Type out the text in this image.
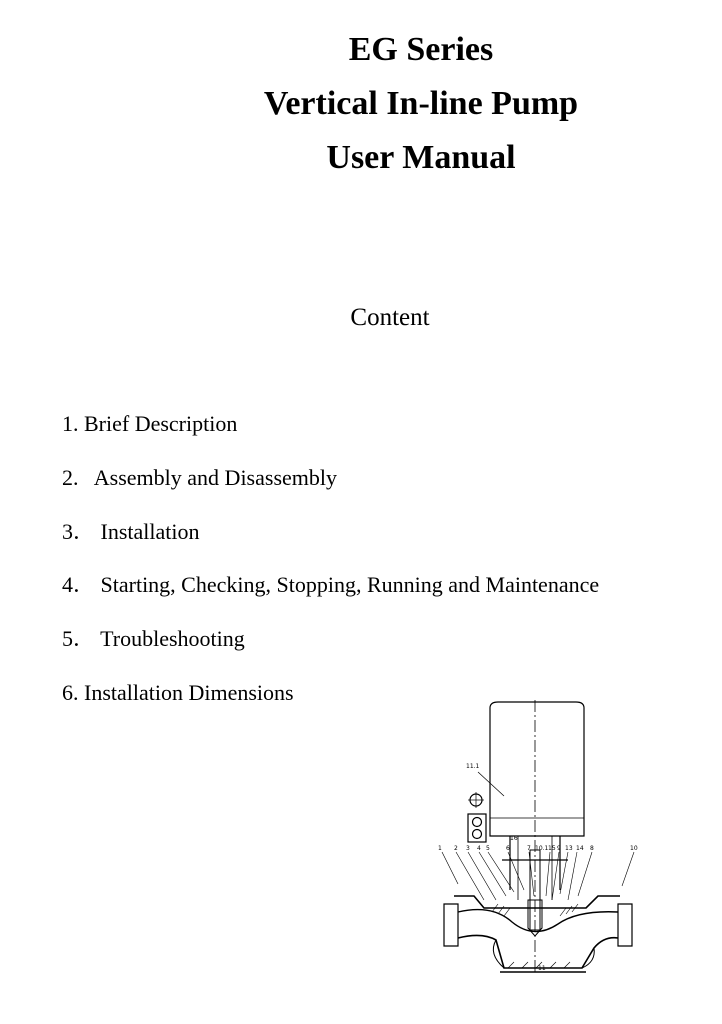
EG Series
Vertical In-line Pump
User Manual
Content
1. Brief Description
2.   Assembly and Disassembly
3． Installation
4． Starting, Checking, Stopping, Running and Maintenance
5． Troubleshooting
6. Installation Dimensions
11.1
16
1 2 3 4 5	6	7 10.1 15 9 13 14 8	10
11
